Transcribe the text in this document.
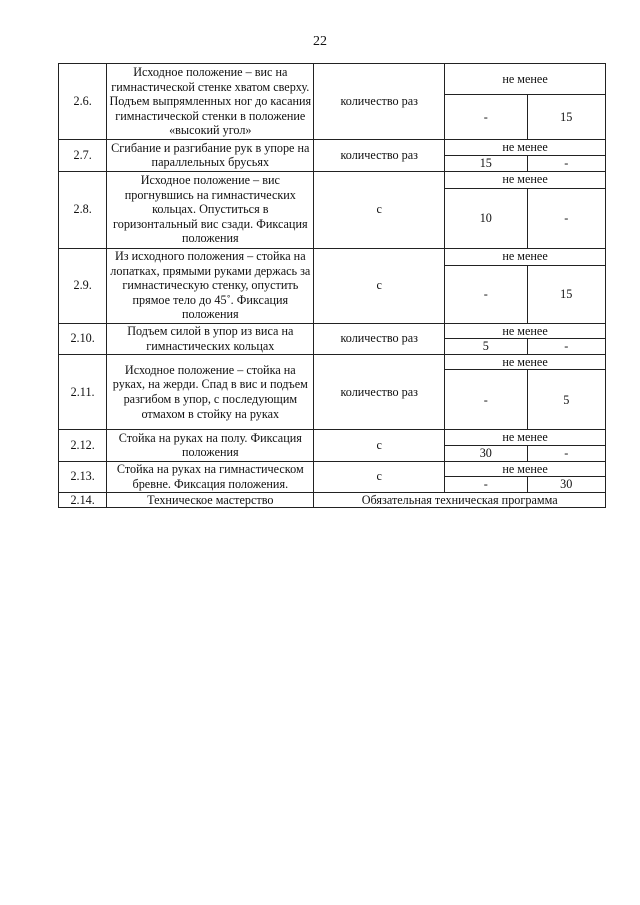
22
2.6.	Исходное положение – вис на гимнастической стенке хватом сверху. Подъем выпрямленных ног до касания гимнастической стенки в положение «высокий угол»	количество раз	не менее	
			-	15
2.7.	Сгибание и разгибание рук в упоре на параллельных брусьях	количество раз	не менее	
			15	-
2.8.	Исходное положение – вис прогнувшись на гимнастических кольцах. Опуститься в горизонтальный вис сзади. Фиксация положения	с	не менее	
			10	-
2.9.	Из исходного положения – стойка на лопатках, прямыми руками держась за гимнастическую стенку, опустить прямое тело до 45˚. Фиксация положения	с	не менее	
			-	15
2.10.	Подъем силой в упор из виса на гимнастических кольцах	количество раз	не менее	
			5	-
2.11.	Исходное положение – стойка на руках, на жерди. Спад в вис и подъем разгибом в упор, с последующим отмахом в стойку на руках	количество раз	не менее	
			-	5
2.12.	Стойка на руках на полу. Фиксация положения	с	не менее	
			30	-
2.13.	Стойка на руках на гимнастическом бревне. Фиксация положения.	с	не менее	
			-	30
2.14.	Техническое мастерство	Обязательная техническая программа		
